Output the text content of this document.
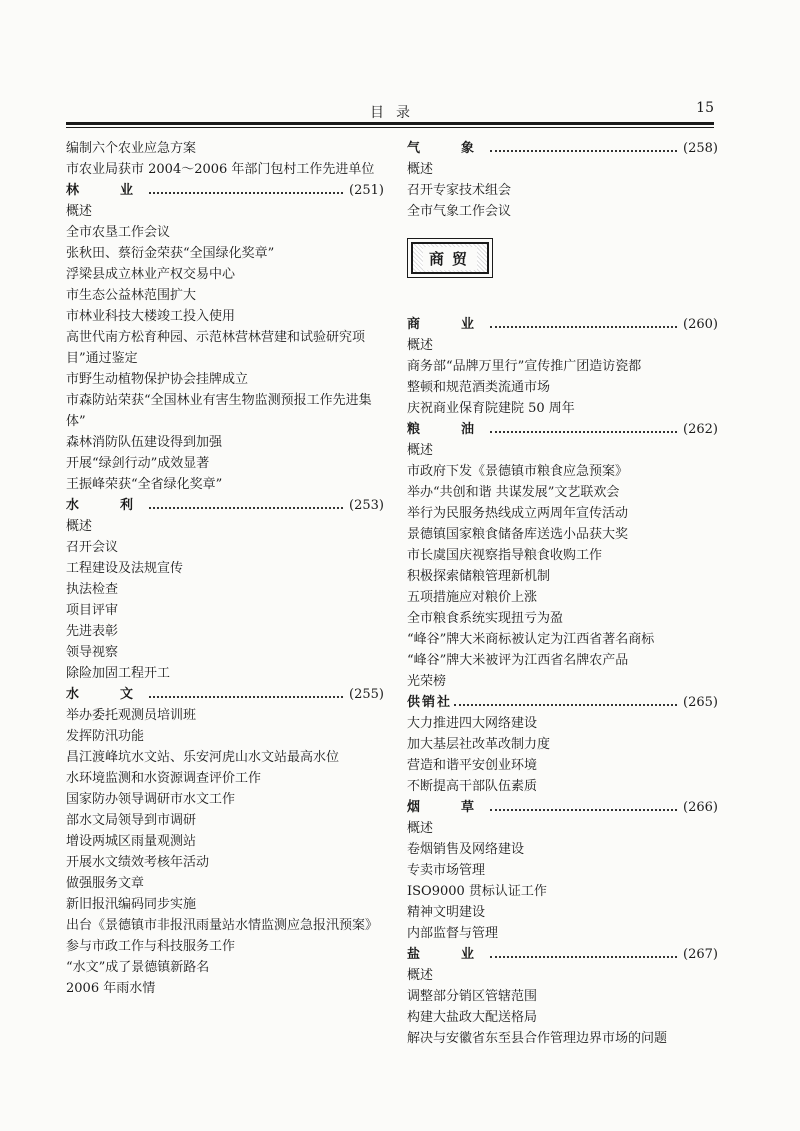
目录	15
编制六个农业应急方案
市农业局获市 2004～2006 年部门包村工作先进单位
林　业	(251)
概述
全市农垦工作会议
张秋田、蔡衍金荣获“全国绿化奖章”
浮梁县成立林业产权交易中心
市生态公益林范围扩大
市林业科技大楼竣工投入使用
高世代南方松育种园、示范林营林营建和试验研究项目”通过鉴定
市野生动植物保护协会挂牌成立
市森防站荣获“全国林业有害生物监测预报工作先进集体”
森林消防队伍建设得到加强
开展“绿剑行动”成效显著
王振峰荣获“全省绿化奖章”
水　利	(253)
概述
召开会议
工程建设及法规宣传
执法检查
项目评审
先进表彰
领导视察
除险加固工程开工
水　文	(255)
举办委托观测员培训班
发挥防汛功能
昌江渡峰坑水文站、乐安河虎山水文站最高水位
水环境监测和水资源调查评价工作
国家防办领导调研市水文工作
部水文局领导到市调研
增设两城区雨量观测站
开展水文绩效考核年活动
做强服务文章
新旧报汛编码同步实施
出台《景德镇市非报汛雨量站水情监测应急报汛预案》
参与市政工作与科技服务工作
“水文”成了景德镇新路名
2006 年雨水情
气　象	(258)
概述
召开专家技术组会
全市气象工作会议
商贸
商　业	(260)
概述
商务部“品牌万里行”宣传推广团造访瓷都
整顿和规范酒类流通市场
庆祝商业保育院建院 50 周年
粮　油	(262)
概述
市政府下发《景德镇市粮食应急预案》
举办“共创和谐 共谋发展”文艺联欢会
举行为民服务热线成立两周年宣传活动
景德镇国家粮食储备库送选小品获大奖
市长虞国庆视察指导粮食收购工作
积极探索储粮管理新机制
五项措施应对粮价上涨
全市粮食系统实现扭亏为盈
“峰谷”牌大米商标被认定为江西省著名商标
“峰谷”牌大米被评为江西省名牌农产品
光荣榜
供销社	(265)
大力推进四大网络建设
加大基层社改革改制力度
营造和谐平安创业环境
不断提高干部队伍素质
烟　草	(266)
概述
卷烟销售及网络建设
专卖市场管理
ISO9000 贯标认证工作
精神文明建设
内部监督与管理
盐　业	(267)
概述
调整部分销区管辖范围
构建大盐政大配送格局
解决与安徽省东至县合作管理边界市场的问题
